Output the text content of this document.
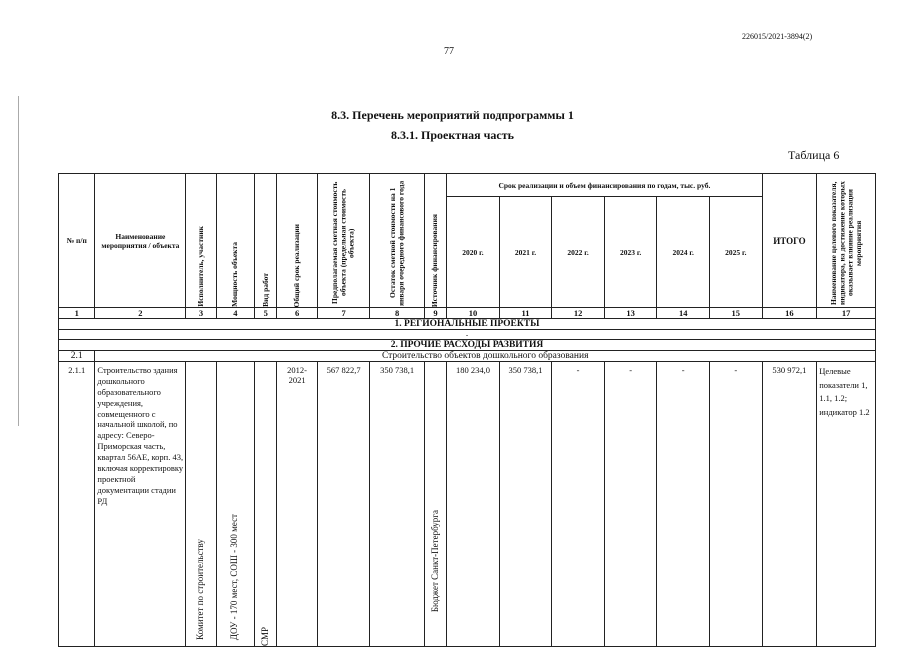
226015/2021-3894(2)
77
8.3. Перечень мероприятий подпрограммы 1
8.3.1. Проектная часть
Таблица 6
№ п/п	Наименование мероприятия / объекта	Исполнитель, участник	Мощность объекта	Вид работ	Общий срок реализации	Предполагаемая сметная стоимость объекта (предельная стоимость объекта)	Остаток сметной стоимости на 1 января очередного финансового года	Источник финансирования	Срок реализации и объем финансирования по годам, тыс. руб.						ИТОГО	Наименование целевого показателя, индикатора, на достижение которых оказывает влияние реализация мероприятия

									2020 г.	2021 г.	2022 г.	2023 г.	2024 г.	2025 г.		
1	2	3	4	5	6	7	8	9	10	11	12	13	14	15	16	17
1. РЕГИОНАЛЬНЫЕ ПРОЕКТЫ																
-																
2. ПРОЧИЕ РАСХОДЫ РАЗВИТИЯ																
2.1	Строительство объектов дошкольного образования															
2.1.1	Строительство здания дошкольного образовательного учреждения, совмещенного с начальной школой, по адресу: Северо-Приморская часть, квартал 56АЕ, корп. 43, включая корректировку проектной документации стадии РД	Комитет по строительству	ДОУ - 170 мест, СОШ - 300 мест	СМР	2012-2021	567 822,7	350 738,1	Бюджет Санкт-Петербурга	180 234,0	350 738,1	-	-	-	-	530 972,1	Целевые показатели 1, 1.1, 1.2; индикатор 1.2
